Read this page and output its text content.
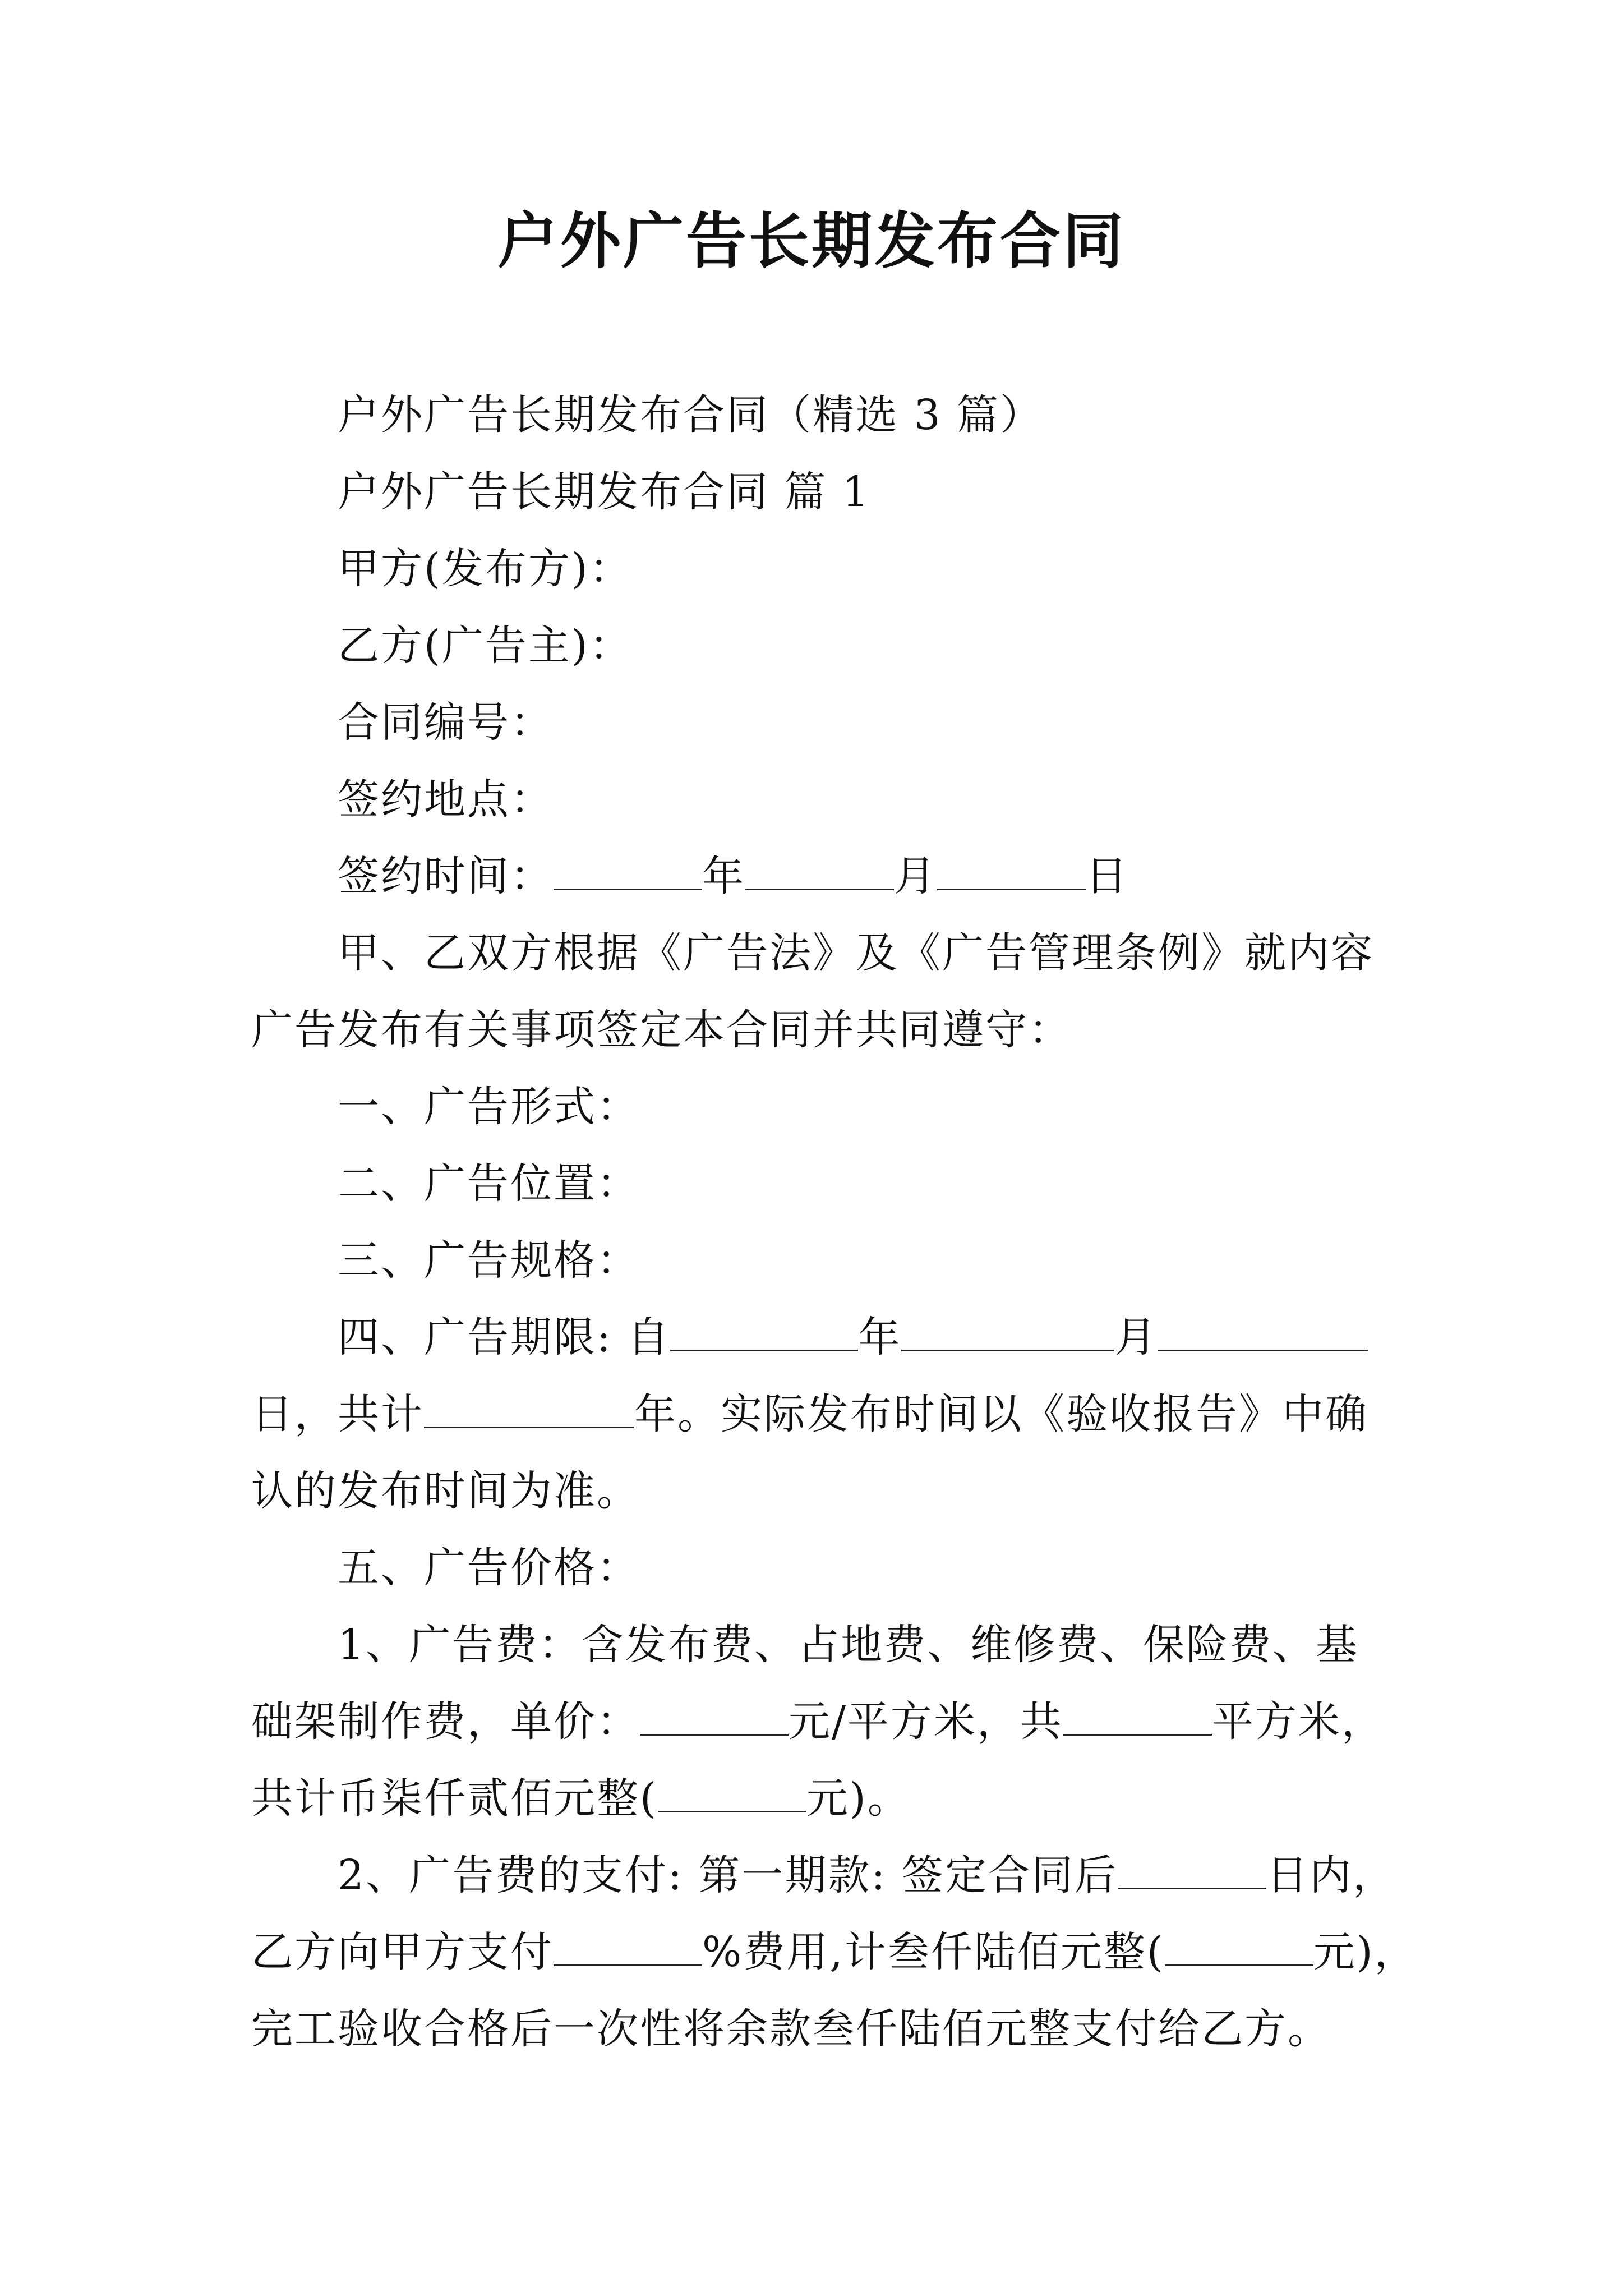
户外广告长期发布合同

户外广告长期发布合同（精选 3 篇）

户外广告长期发布合同 篇 1

甲方(发布方)：

乙方(广告主)：

合同编号：

签约地点：

签约时间：	年	月	日

甲、乙双方根据《广告法》及《广告管理条例》就内容

广告发布有关事项签定本合同并共同遵守：

一、广告形式：

二、广告位置：

三、广告规格：

四、广告期限: 自	年	月

日，共计	年。实际发布时间以《验收报告》中确

认的发布时间为准。

五、广告价格：

1、广告费：含发布费、占地费、维修费、保险费、基

础架制作费，单价：	元/平方米，共	平方米，

共计币柒仟贰佰元整(	元)。

2、广告费的支付: 第一期款: 签定合同后	日内，

乙方向甲方支付	%费用,计叁仟陆佰元整(	元)，

完工验收合格后一次性将余款叁仟陆佰元整支付给乙方。
